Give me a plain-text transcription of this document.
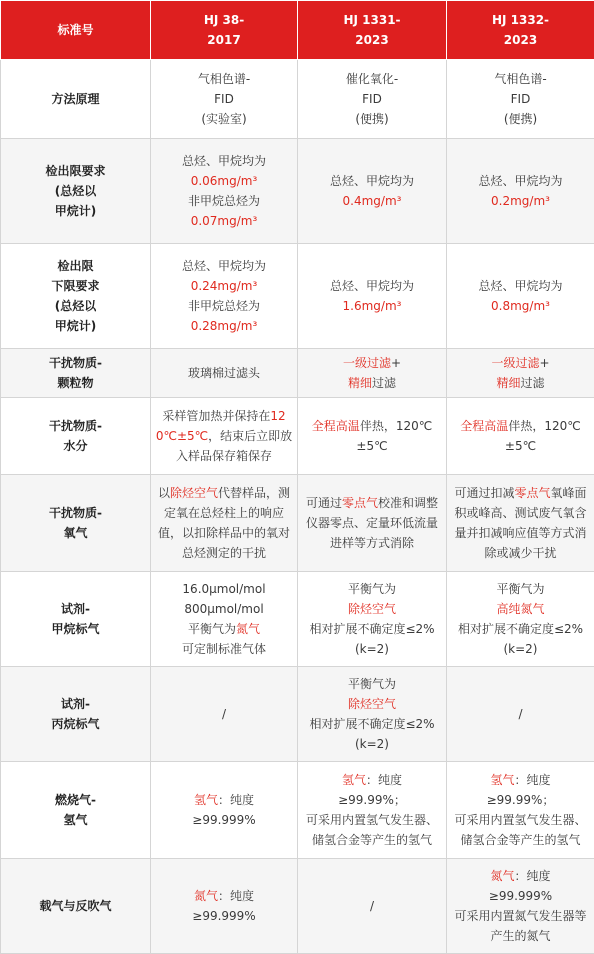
标准号	HJ 38-
2017	HJ 1331-
2023	HJ 1332-
2023

方法原理	气相色谱-
FID
(实验室)	催化氧化-
FID
(便携)	气相色谱-
FID
(便携)

检出限要求
(总烃以
甲烷计)	总烃、甲烷均为
0.06mg/m³
非甲烷总烃为
0.07mg/m³	总烃、甲烷均为
0.4mg/m³	总烃、甲烷均为
0.2mg/m³

检出限
下限要求
(总烃以
甲烷计)	总烃、甲烷均为
0.24mg/m³
非甲烷总烃为
0.28mg/m³	总烃、甲烷均为
1.6mg/m³	总烃、甲烷均为
0.8mg/m³

干扰物质-
颗粒物	玻璃棉过滤头	一级过滤+
精细过滤	一级过滤+
精细过滤

干扰物质-
水分	采样管加热并保持在12
0℃±5℃，结束后立即放
入样品保存箱保存	全程高温伴热，120℃
±5℃	全程高温伴热，120℃
±5℃

干扰物质-
氧气	以除烃空气代替样品，测
定氧在总烃柱上的响应
值，以扣除样品中的氧对
总烃测定的干扰	可通过零点气校准和调整
仪器零点、定量环低流量
进样等方式消除	可通过扣减零点气氧峰面
积或峰高、测试废气氧含
量并扣减响应值等方式消
除或减少干扰

试剂-
甲烷标气	16.0μmol/mol
800μmol/mol
平衡气为氮气
可定制标准气体	平衡气为
除烃空气
相对扩展不确定度≤2%
(k=2)	平衡气为
高纯氮气
相对扩展不确定度≤2%
(k=2)

试剂-
丙烷标气	/	平衡气为
除烃空气
相对扩展不确定度≤2%
(k=2)	/

燃烧气-
氢气	氢气：纯度
≥99.999%	氢气：纯度
≥99.99%；
可采用内置氢气发生器、
储氢合金等产生的氢气	氢气：纯度
≥99.99%；
可采用内置氢气发生器、
储氢合金等产生的氢气

载气与反吹气	氮气：纯度
≥99.999%	/	氮气：纯度
≥99.999%
可采用内置氮气发生器等
产生的氮气
